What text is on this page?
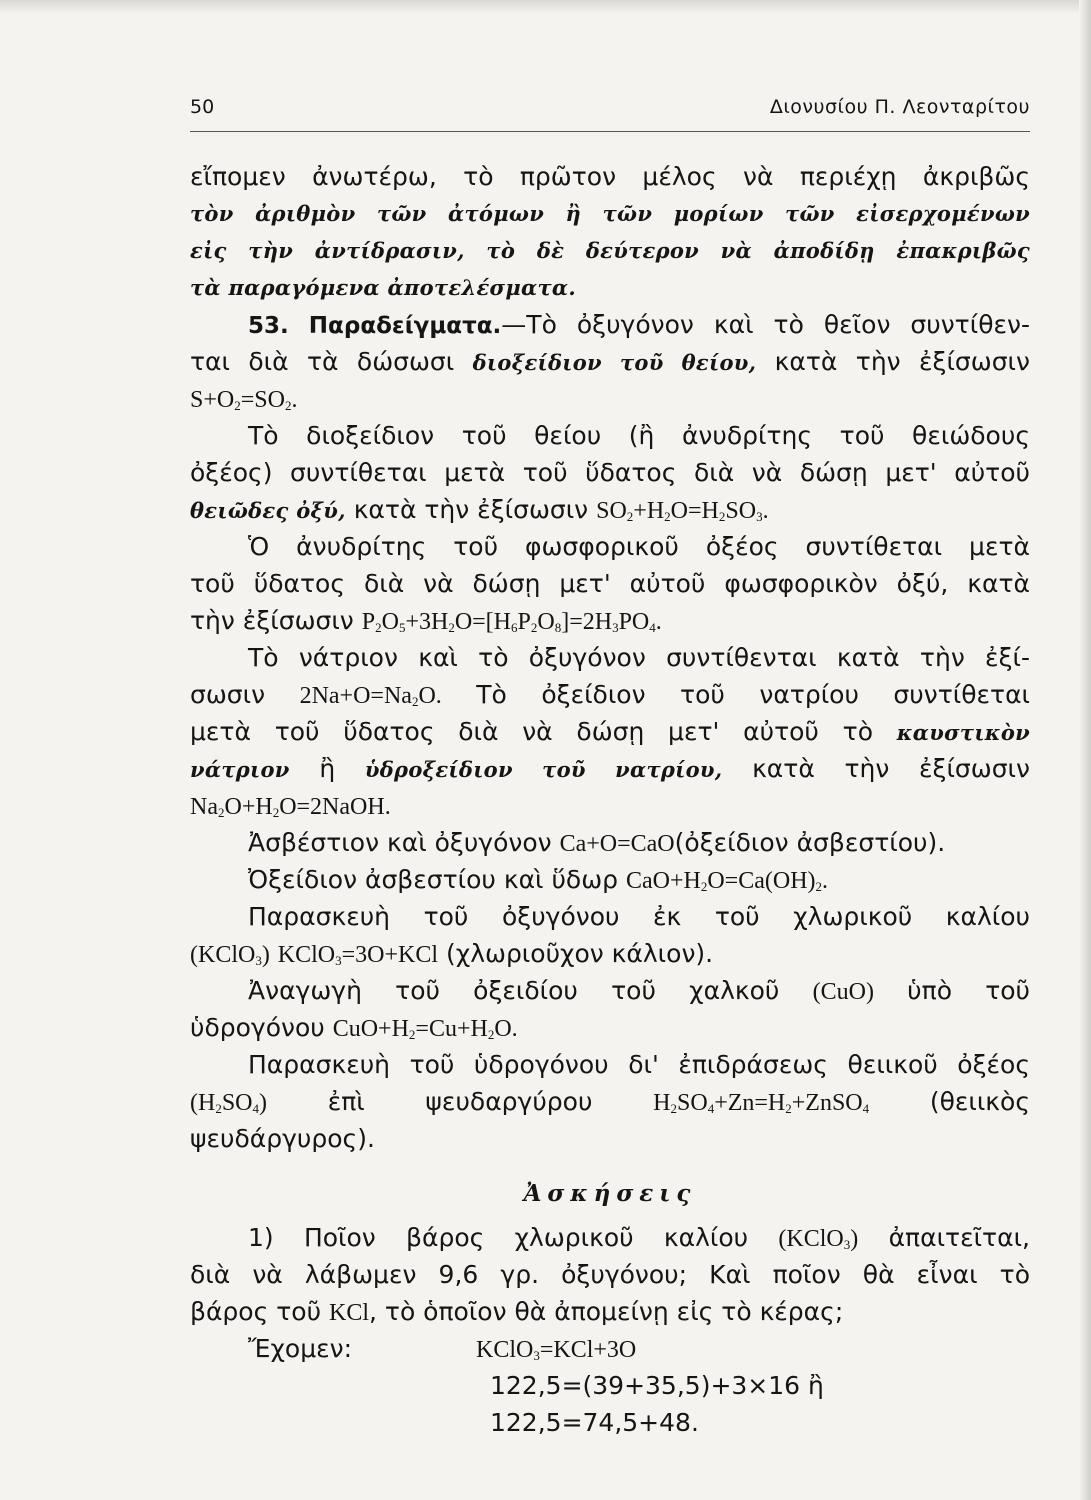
50	Διονυσίου Π. Λεονταρίτου
εἴπομεν ἀνωτέρω, τὸ πρῶτον μέλος νὰ περιέχῃ ἀκριβῶς
τὸν ἀριθμὸν τῶν ἀτόμων ἢ τῶν μορίων τῶν εἰσερχομένων
εἰς τὴν ἀντίδρασιν, τὸ δὲ δεύτερον νὰ ἀποδίδῃ ἐπακριβῶς
τὰ παραγόμενα ἀποτελέσματα.
53. Παραδείγματα.—Τὸ ὀξυγόνον καὶ τὸ θεῖον συντίθεν-
ται διὰ τὰ δώσωσι διοξείδιον τοῦ θείου, κατὰ τὴν ἐξίσωσιν
$S+O_2=SO_2$.
Τὸ διοξείδιον τοῦ θείου (ἢ ἀνυδρίτης τοῦ θειώδους
ὀξέος) συντίθεται μετὰ τοῦ ὕδατος διὰ νὰ δώσῃ μετ' αὐτοῦ
θειῶδες ὀξύ, κατὰ τὴν ἐξίσωσιν $SO_2+H_2O=H_2SO_3$.
Ὁ ἀνυδρίτης τοῦ φωσφορικοῦ ὀξέος συντίθεται μετὰ
τοῦ ὕδατος διὰ νὰ δώσῃ μετ' αὐτοῦ φωσφορικὸν ὀξύ, κατὰ
τὴν ἐξίσωσιν $P_2O_5+3H_2O=[H_6P_2O_8]=2H_3PO_4$.
Τὸ νάτριον καὶ τὸ ὀξυγόνον συντίθενται κατὰ τὴν ἐξί-
σωσιν $2Na+O=Na_2O$. Τὸ ὀξείδιον τοῦ νατρίου συντίθεται
μετὰ τοῦ ὕδατος διὰ νὰ δώσῃ μετ' αὐτοῦ τὸ καυστικὸν
νάτριον ἢ ὑδροξείδιον τοῦ νατρίου, κατὰ τὴν ἐξίσωσιν
$Na_2O+H_2O=2NaOH$.
Ἀσβέστιον καὶ ὀξυγόνον Ca+O=CaO(ὀξείδιον ἀσβεστίου).
Ὀξείδιον ἀσβεστίου καὶ ὕδωρ $CaO+H_2O=Ca(OH)_2$.
Παρασκευὴ τοῦ ὀξυγόνου ἐκ τοῦ χλωρικοῦ καλίου
(KClO$_3$) KClO$_3$=3O+KCl (χλωριοῦχον κάλιον).
Ἀναγωγὴ τοῦ ὀξειδίου τοῦ χαλκοῦ (CuO) ὑπὸ τοῦ
ὑδρογόνου $CuO+H_2=Cu+H_2O$.
Παρασκευὴ τοῦ ὑδρογόνου δι' ἐπιδράσεως θειικοῦ ὀξέος
$(H_2SO_4)$ ἐπὶ ψευδαργύρου	$H_2SO_4+Zn=H_2+ZnSO_4$ (θειικὸς
ψευδάργυρος).
Ἀσκήσεις
1) Ποῖον βάρος χλωρικοῦ καλίου (KClO$_3$) ἀπαιτεῖται,
διὰ νὰ λάβωμεν 9,6 γρ. ὀξυγόνου; Καὶ ποῖον θὰ εἶναι τὸ
βάρος τοῦ KCl, τὸ ὁποῖον θὰ ἀπομείνῃ εἰς τὸ κέρας;
Ἔχομεν:	KClO$_3$=KCl+3O
122,5=(39+35,5)+3×16 ἢ
122,5=74,5+48.
